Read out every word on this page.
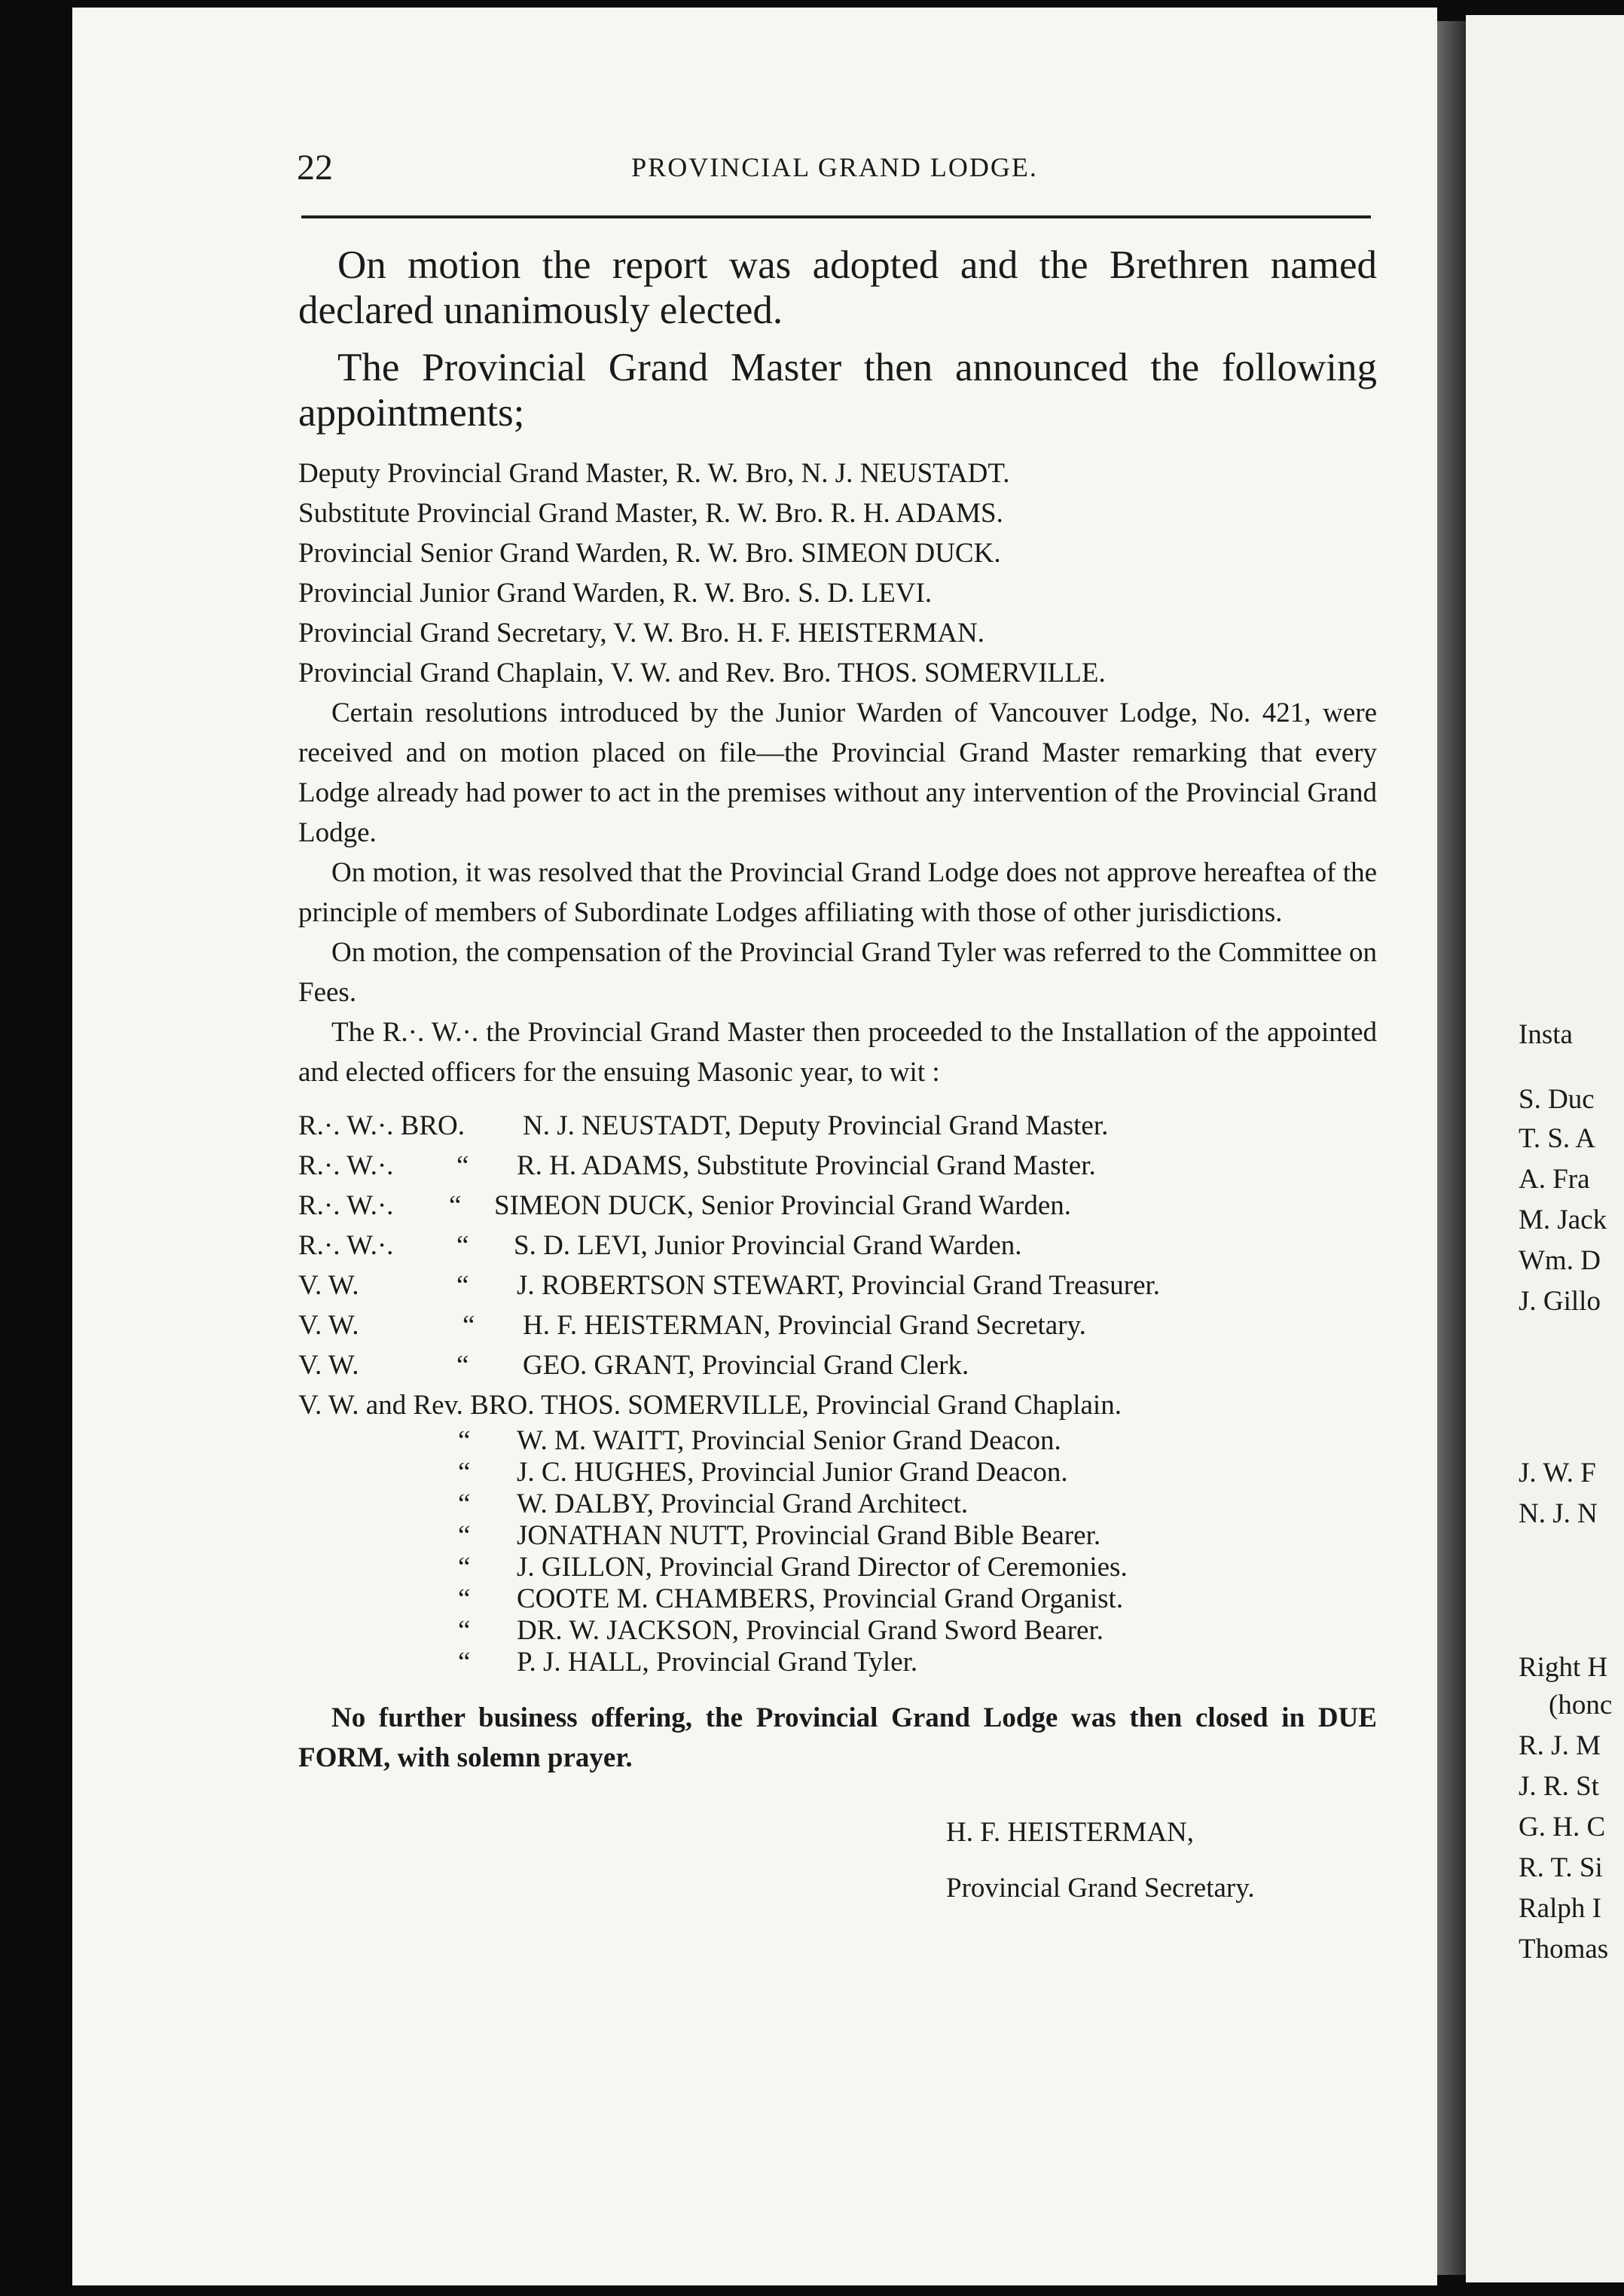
Insta
S. Duc
T. S. A
A. Fra
M. Jack
Wm. D
J. Gillo
J. W. F
N. J. N
Right H
(honc
R. J. M
J. R. St
G. H. C
R. T. Si
Ralph I
Thomas
22	PROVINCIAL GRAND LODGE.

On motion the report was adopted and the Brethren named declared unanimously elected.

The Provincial Grand Master then announced the following appointments;

Deputy Provincial Grand Master, R. W. Bro, N. J. NEUSTADT.

Substitute Provincial Grand Master, R. W. Bro. R. H. ADAMS.

Provincial Senior Grand Warden, R. W. Bro. SIMEON DUCK.

Provincial Junior Grand Warden, R. W. Bro. S. D. LEVI.

Provincial Grand Secretary, V. W. Bro. H. F. HEISTERMAN.

Provincial Grand Chaplain, V. W. and Rev. Bro. THOS. SOMERVILLE.

Certain resolutions introduced by the Junior Warden of Vancouver Lodge, No. 421, were received and on motion placed on file—the Provincial Grand Master remarking that every Lodge already had power to act in the premises without any intervention of the Provincial Grand Lodge.

On motion, it was resolved that the Provincial Grand Lodge does not approve hereaftea of the principle of members of Subordinate Lodges affiliating with those of other jurisdictions.

On motion, the compensation of the Provincial Grand Tyler was referred to the Committee on Fees.

The R.·. W.·. the Provincial Grand Master then proceeded to the Installation of the appointed and elected officers for the ensuing Masonic year, to wit :

R.·. W.·. BRO. N. J. NEUSTADT, Deputy Provincial Grand Master.
R.·. W.·. “ R. H. ADAMS, Substitute Provincial Grand Master.
R.·. W.·. “ SIMEON DUCK, Senior Provincial Grand Warden.
R.·. W.·. “ S. D. LEVI, Junior Provincial Grand Warden.
V. W.	“ J. ROBERTSON STEWART, Provincial Grand Treasurer.
V. W.	“ H. F. HEISTERMAN, Provincial Grand Secretary.
V. W.	“ GEO. GRANT, Provincial Grand Clerk.
V. W. and Rev. BRO. THOS. SOMERVILLE, Provincial Grand Chaplain.
“ W. M. WAITT, Provincial Senior Grand Deacon.
“ J. C. HUGHES, Provincial Junior Grand Deacon.
“ W. DALBY, Provincial Grand Architect.
“ JONATHAN NUTT, Provincial Grand Bible Bearer.
“ J. GILLON, Provincial Grand Director of Ceremonies.
“ COOTE M. CHAMBERS, Provincial Grand Organist.
“ DR. W. JACKSON, Provincial Grand Sword Bearer.
“ P. J. HALL, Provincial Grand Tyler.

No further business offering, the Provincial Grand Lodge was then closed in DUE FORM, with solemn prayer.

H. F. HEISTERMAN,
Provincial Grand Secretary.
